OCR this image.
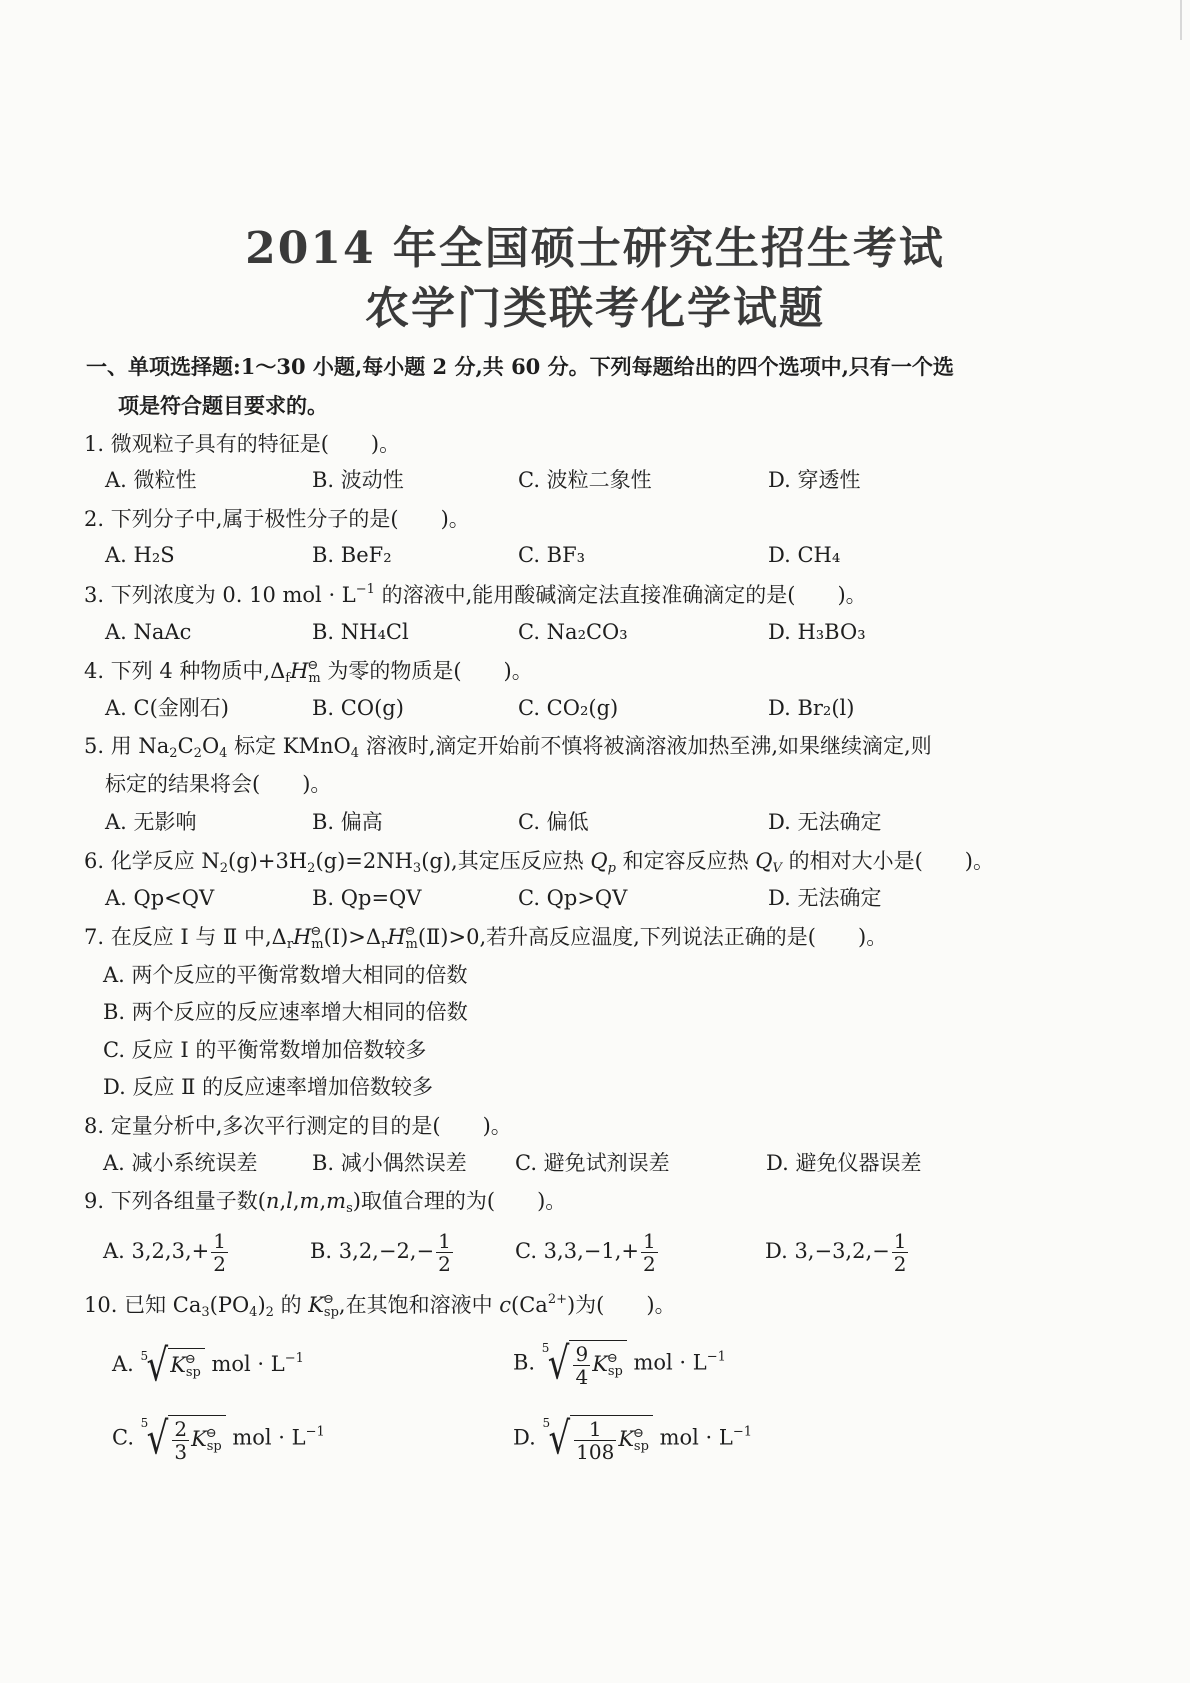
2014 年全国硕士研究生招生考试
农学门类联考化学试题
一、单项选择题:1～30 小题,每小题 2 分,共 60 分。下列每题给出的四个选项中,只有一个选
项是符合题目要求的。
1. 微观粒子具有的特征是(　　)。
A. 微粒性	B. 波动性	C. 波粒二象性	D. 穿透性
2. 下列分子中,属于极性分子的是(　　)。
A. H₂S	B. BeF₂	C. BF₃	D. CH₄
3. 下列浓度为 0. 10 mol · $L^{-1}$ 的溶液中,能用酸碱滴定法直接准确滴定的是(　　)。
A. NaAc	B. NH₄Cl	C. Na₂CO₃	D. H₃BO₃
4. 下列 4 种物质中$,\Delta_fH^⊖_m$ 为零的物质是(　　)。
A. C(金刚石)	B. CO(g)	C. CO₂(g)	D. Br₂(l)
5. 用 $Na_2C_2O_4$ 标定 KMnO$_4$ 溶液时,滴定开始前不慎将被滴溶液加热至沸,如果继续滴定,则
标定的结果将会(　　)。
A. 无影响	B. 偏高	C. 偏低	D. 无法确定
6. 化学反应 $N_2(g)+3H_2(g)=2NH_3(g)$,其定压反应热 $Q_p$ 和定容反应热 $Q_V$ 的相对大小是(　　)。
A. Qp<QV	B. Qp=QV	C. Qp>QV	D. 无法确定
7. 在反应 Ⅰ 与 Ⅱ 中$,\Delta_rH^⊖_m(Ⅰ)>\Delta_rH^⊖_m(Ⅱ)>0$,若升高反应温度,下列说法正确的是(　　)。
A. 两个反应的平衡常数增大相同的倍数
B. 两个反应的反应速率增大相同的倍数
C. 反应 Ⅰ 的平衡常数增加倍数较多
D. 反应 Ⅱ 的反应速率增加倍数较多
8. 定量分析中,多次平行测定的目的是(　　)。
A. 减小系统误差	B. 减小偶然误差 C. 避免试剂误差	D. 避免仪器误差
9. 下列各组量子数$(n,l,m,m_s)$取值合理的为(　　)。
A. $3,2,3,+ \frac{1}{2}$	B. $3,2,-2,- \frac{1}{2}$	C. $3,3,-1,+ \frac{1}{2}$	D. $3,-3,2,- \frac{1}{2}$
10. 已知 $Ca_3(PO_4)_2$ 的 $K^⊖_{sp}$,在其饱和溶液中 $c(Ca^{2+})$为(　　)。
A. 5
$√K^⊖_{sp}$ mol · $L^{-1}$	B.
5
√ $\frac{9}{4} K^⊖_{sp}$ mol · $L^{-1}$
C.
5
√ $\frac{2}{3} K^⊖_{sp}$ mol · $L^{-1}$	D.
5
√ $\frac{1}{108} K^⊖_{sp}$ mol · $L^{-1}$
